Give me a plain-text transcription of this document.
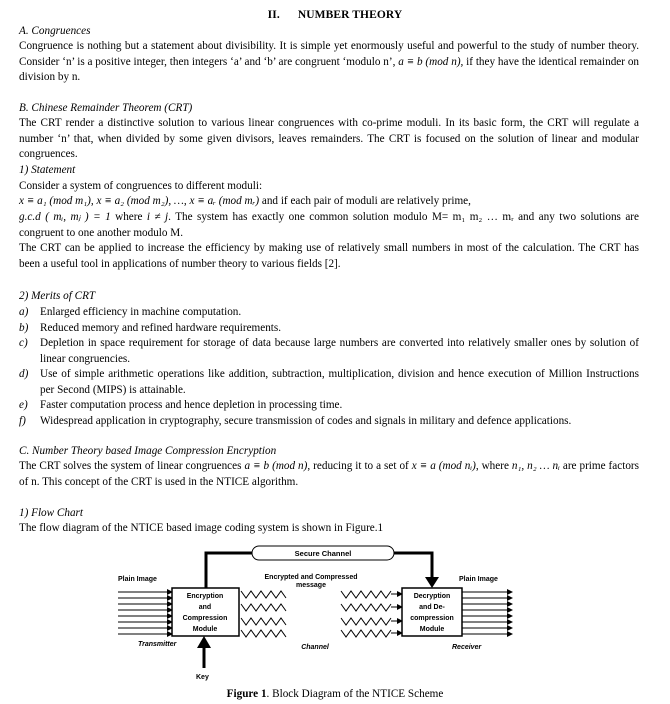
II. NUMBER THEORY
A. Congruences
Congruence is nothing but a statement about divisibility. It is simple yet enormously useful and powerful to the study of number theory. Consider ‘n’ is a positive integer, then integers ‘a’ and ‘b’ are congruent ‘modulo n’, a ≡ b (mod n), if they have the identical remainder on division by n.
B. Chinese Remainder Theorem (CRT)
The CRT render a distinctive solution to various linear congruences with co-prime moduli. In its basic form, the CRT will regulate a number ‘n’ that, when divided by some given divisors, leaves remainders. The CRT is focused on the solution of linear and modular congruences.
1) Statement
Consider a system of congruences to different moduli:
x ≡ a₁ (mod m₁), x ≡ a₂ (mod m₂), …, x ≡ aᵣ (mod mᵣ) and if each pair of moduli are relatively prime,
g.c.d ( mᵢ, mⱼ ) = 1 where i ≠ j. The system has exactly one common solution modulo M= m₁ m₂ … mᵣ and any two solutions are congruent to one another modulo M.
The CRT can be applied to increase the efficiency by making use of relatively small numbers in most of the calculation. The CRT has been a useful tool in applications of number theory to various fields [2].
2) Merits of CRT
a) Enlarged efficiency in machine computation.
b) Reduced memory and refined hardware requirements.
c) Depletion in space requirement for storage of data because large numbers are converted into relatively smaller ones by solution of linear congruencies.
d) Use of simple arithmetic operations like addition, subtraction, multiplication, division and hence execution of Million Instructions per Second (MIPS) is attainable.
e) Faster computation process and hence depletion in processing time.
f) Widespread application in cryptography, secure transmission of codes and signals in military and defence applications.
C. Number Theory based Image Compression Encryption
The CRT solves the system of linear congruences a ≡ b (mod n), reducing it to a set of x ≡ a (mod nᵢ), where n₁, n₂ … nᵢ are prime factors of n. This concept of the CRT is used in the NTICE algorithm.
1) Flow Chart
The flow diagram of the NTICE based image coding system is shown in Figure.1
Secure Channel
Plain Image	Plain Image
Encrypted and Compressed
message
Encryption
and
Compression
Module
Decryption
and De-
compression
Module
Transmitter	Channel	Receiver
Key
Figure 1. Block Diagram of the NTICE Scheme
